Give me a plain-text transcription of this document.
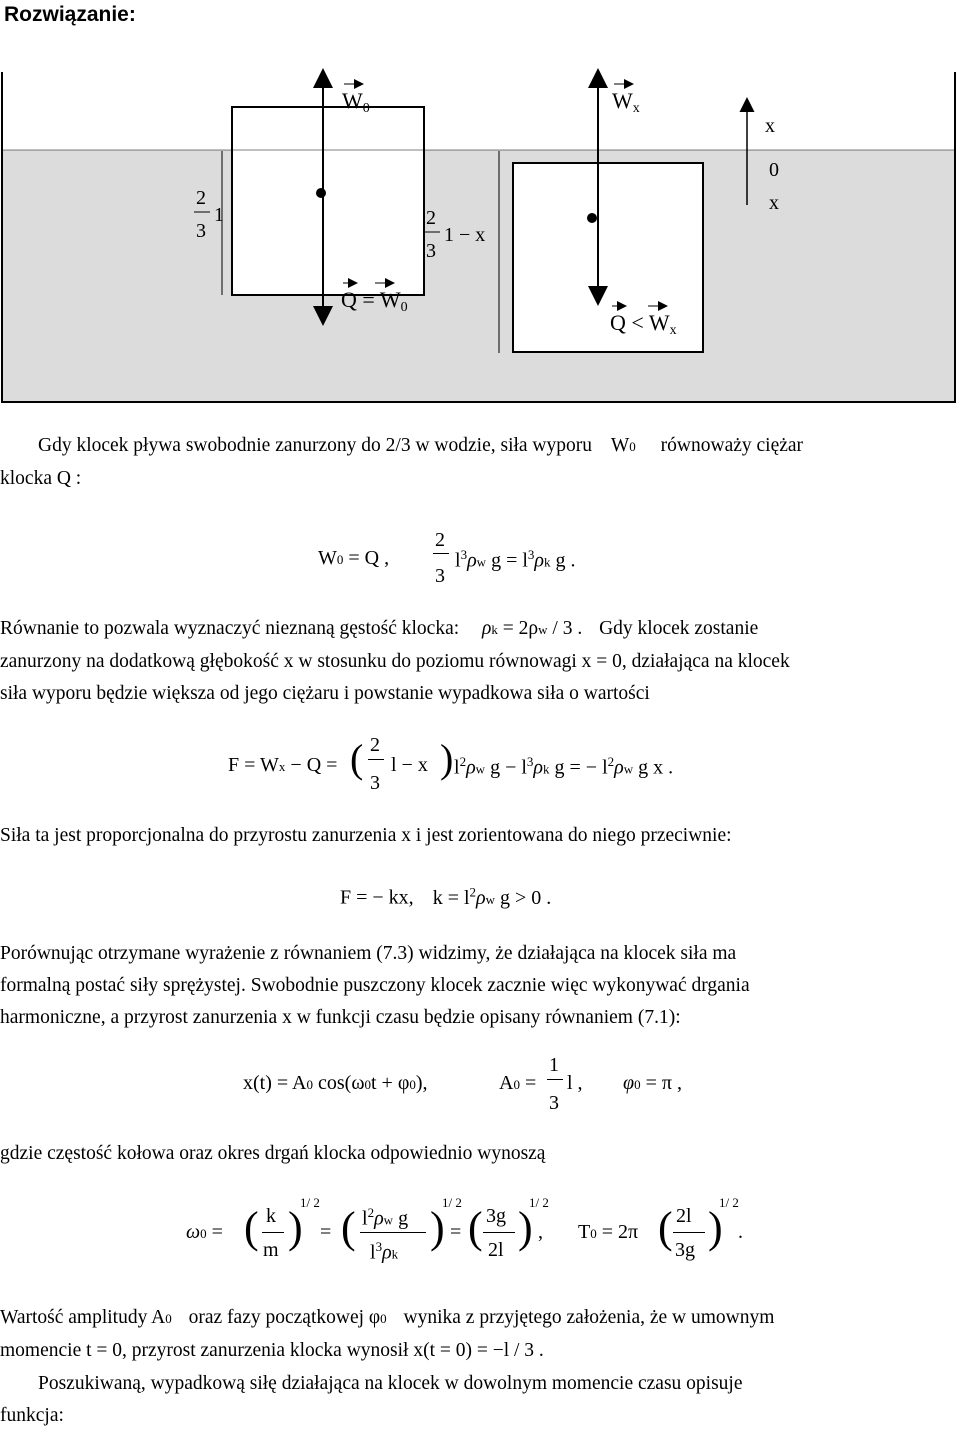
Rozwiązanie:
W0	Wx
x
0
x
2
3
1	2
3
1 − x
Q = W0
Q < Wx
Gdy klocek pływa swobodnie zanurzony do 2/3 w wodzie, siła wyporu W0 równoważy ciężar
klocka Q :
W0 = Q ,
2
3
$l^3\rho w$ $g = l^3\rho k$ g .
Równanie to pozwala wyznaczyć nieznaną gęstość klocka: ρk = 2ρw / 3 . Gdy klocek zostanie
zanurzony na dodatkową głębokość x w stosunku do poziomu równowagi x = 0, działająca na klocek
siła wyporu będzie większa od jego ciężaru i powstanie wypadkowa siła o wartości
F = Wx − Q = ( 2
3
l − x ) $l^2\rho w$ $g - l^3\rho k$ g = − $l^2\rho w$ g x .
Siła ta jest proporcjonalna do przyrostu zanurzenia x i jest zorientowana do niego przeciwnie:
F = − kx, $k = l^2\rho w$ g > 0 .
Porównując otrzymane wyrażenie z równaniem (7.3) widzimy, że działająca na klocek siła ma
formalną postać siły sprężystej. Swobodnie puszczony klocek zacznie więc wykonywać drgania
harmoniczne, a przyrost zanurzenia x w funkcji czasu będzie opisany równaniem (7.1):
x(t) = A0 cos(ω0t + φ0),	A0 =
1
3
l , φ0 = π ,
gdzie częstość kołowa oraz okres drgań klocka odpowiednio wynoszą
ω0 = ( k
m )
1/ 2
= ( $l^2\rho w$ g
$l^3\rho k$
)
1/ 2
= ( 3g
2l )
1/ 2
, T0 = 2π ( 2l
3g )
1/ 2
.
Wartość amplitudy A0 oraz fazy początkowej φ0 wynika z przyjętego założenia, że w umownym
momencie t = 0, przyrost zanurzenia klocka wynosił x(t = 0) = −l / 3 .
Poszukiwaną, wypadkową siłę działająca na klocek w dowolnym momencie czasu opisuje
funkcja:
